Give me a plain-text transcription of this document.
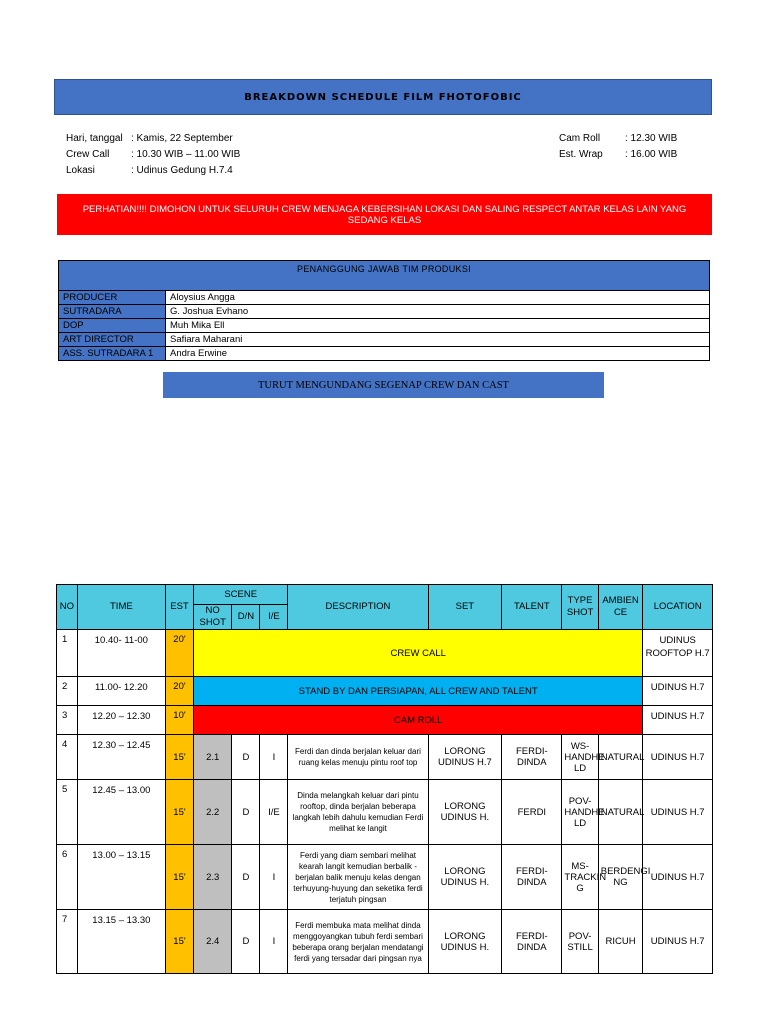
BREAKDOWN SCHEDULE FILM FHOTOFOBIC
Hari, tanggal : Kamis, 22 September
Crew Call	: 10.30 WIB – 11.00 WIB
Lokasi	: Udinus Gedung H.7.4
Cam Roll	: 12.30 WIB
Est. Wrap	: 16.00 WIB
PERHATIAN!!!! DIMOHON UNTUK SELURUH CREW MENJAGA KEBERSIHAN LOKASI DAN SALING RESPECT ANTAR KELAS LAIN YANG SEDANG KELAS
PENANGGUNG JAWAB TIM PRODUKSI	
PRODUCER	Aloysius Angga
SUTRADARA	G. Joshua Evhano
DOP	Muh Mika Ell
ART DIRECTOR	Safiara Maharani
ASS. SUTRADARA 1	Andra Erwine
TURUT MENGUNDANG SEGENAP CREW DAN CAST
NO	TIME	EST	SCENE			DESCRIPTION	SET	TALENT	TYPE SHOT	AMBIEN CE	LOCATION
			NO SHOT	D/N	I/E						
1	10.40- 11-00	20'	CREW CALL								UDINUS ROOFTOP H.7
2	11.00- 12.20	20'	STAND BY DAN PERSIAPAN, ALL CREW AND TALENT								UDINUS H.7
3	12.20 – 12.30	10'	CAM ROLL								UDINUS H.7
4	12.30 – 12.45	15'	2.1	D	I	Ferdi dan dinda berjalan keluar dari ruang kelas menuju pintu roof top	LORONG UDINUS H.7	FERDI- DINDA	WS- HANDHE LD	NATURAL	UDINUS H.7
5	12.45 – 13.00	15'	2.2	D	I/E	Dinda melangkah keluar dari pintu rooftop, dinda berjalan beberapa langkah lebih dahulu kemudian Ferdi melihat ke langit	LORONG UDINUS H.	FERDI	POV- HANDHE LD	NATURAL	UDINUS H.7
6	13.00 – 13.15	15'	2.3	D	I	Ferdi yang diam sembari melihat kearah langit kemudian berbalik - berjalan balik menuju kelas dengan terhuyung-huyung dan seketika ferdi terjatuh pingsan	LORONG UDINUS H.	FERDI- DINDA	MS- TRACKIN G	BERDENGI NG	UDINUS H.7
7	13.15 – 13.30	15'	2.4	D	I	Ferdi membuka mata melihat dinda menggoyangkan tubuh ferdi sembari beberapa orang berjalan mendatangi ferdi yang tersadar dari pingsan nya	LORONG UDINUS H.	FERDI- DINDA	POV- STILL	RICUH	UDINUS H.7
